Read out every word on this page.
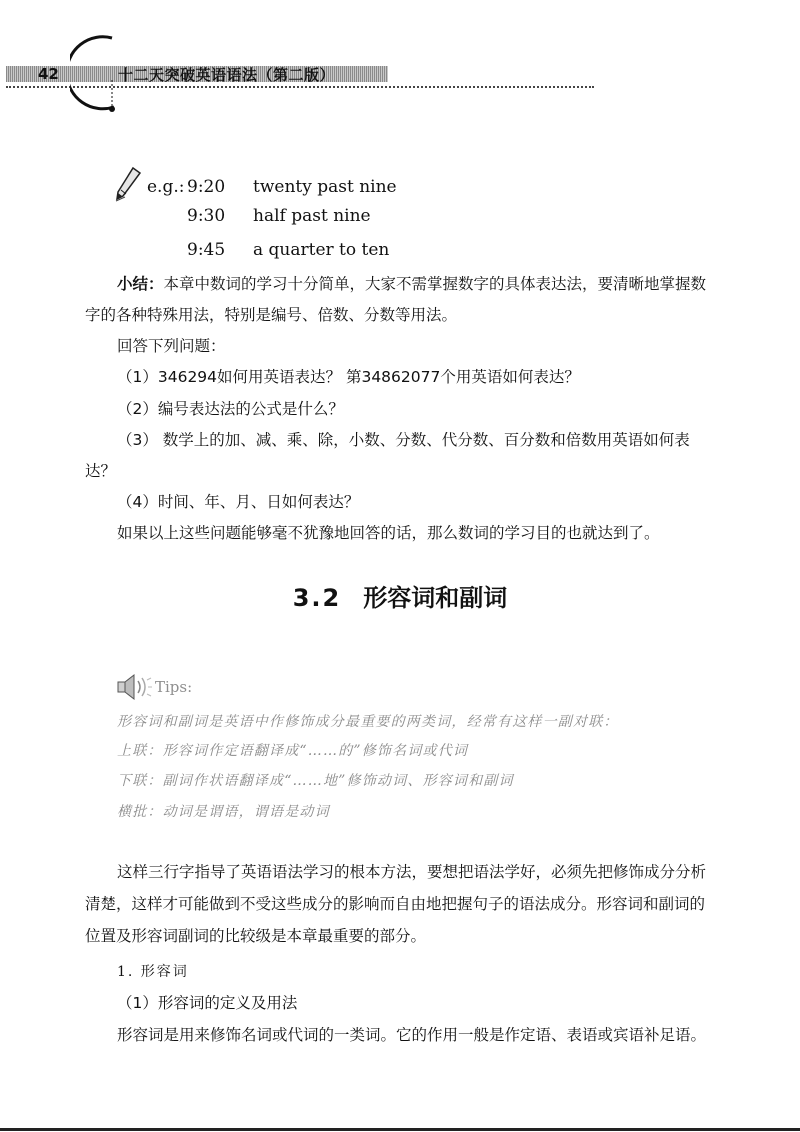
42	十二天突破英语语法（第二版）
e.g.: 9:20 twenty past nine
9:30 half past nine
9:45 a quarter to ten
小结：本章中数词的学习十分简单，大家不需掌握数字的具体表达法，要清晰地掌握数
字的各种特殊用法，特别是编号、倍数、分数等用法。
回答下列问题：
（1）346294如何用英语表达？ 第34862077个用英语如何表达？
（2）编号表达法的公式是什么？
（3） 数学上的加、减、乘、除，小数、分数、代分数、百分数和倍数用英语如何表
达？
（4）时间、年、月、日如何表达？
如果以上这些问题能够毫不犹豫地回答的话，那么数词的学习目的也就达到了。
3.2 形容词和副词
Tips:
形容词和副词是英语中作修饰成分最重要的两类词，经常有这样一副对联：
上联：形容词作定语翻译成“……的”修饰名词或代词
下联：副词作状语翻译成“……地”修饰动词、形容词和副词
横批：动词是谓语，谓语是动词
这样三行字指导了英语语法学习的根本方法，要想把语法学好，必须先把修饰成分分析
清楚，这样才可能做到不受这些成分的影响而自由地把握句子的语法成分。形容词和副词的
位置及形容词副词的比较级是本章最重要的部分。
1. 形容词
（1）形容词的定义及用法
形容词是用来修饰名词或代词的一类词。它的作用一般是作定语、表语或宾语补足语。
